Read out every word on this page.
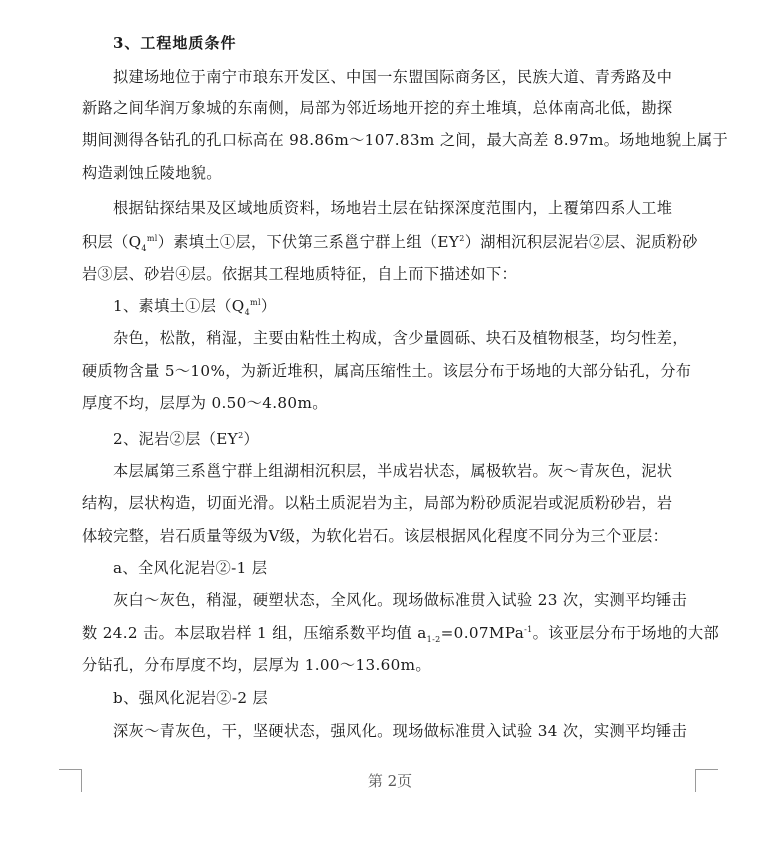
3、工程地质条件
拟建场地位于南宁市琅东开发区、中国一东盟国际商务区，民族大道、青秀路及中
新路之间华润万象城的东南侧，局部为邻近场地开挖的弃土堆填，总体南高北低，勘探
期间测得各钻孔的孔口标高在 98.86m～107.83m 之间，最大高差 8.97m。场地地貌上属于
构造剥蚀丘陵地貌。
根据钻探结果及区域地质资料，场地岩土层在钻探深度范围内，上覆第四系人工堆
积层$(Q_4^{ml})$素填土①层，下伏第三系邕宁群上组$(EY^2)$湖相沉积层泥岩②层、泥质粉砂
岩③层、砂岩④层。依据其工程地质特征，自上而下描述如下：
1、素填土①层$(Q_4^{ml})$
杂色，松散，稍湿，主要由粘性土构成，含少量圆砾、块石及植物根茎，均匀性差，
硬质物含量 5～10%，为新近堆积，属高压缩性土。该层分布于场地的大部分钻孔，分布
厚度不均，层厚为 0.50～4.80m。
2、泥岩②层$(EY^2)$
本层属第三系邕宁群上组湖相沉积层，半成岩状态，属极软岩。灰～青灰色，泥状
结构，层状构造，切面光滑。以粘土质泥岩为主，局部为粉砂质泥岩或泥质粉砂岩，岩
体较完整，岩石质量等级为Ⅴ级，为软化岩石。该层根据风化程度不同分为三个亚层：
a、全风化泥岩②-1 层
灰白～灰色，稍湿，硬塑状态，全风化。现场做标准贯入试验 23 次，实测平均锤击
数 24.2 击。本层取岩样 1 组，压缩系数平均值 $a_{1-2}=0.07MPa^{-1}$。该亚层分布于场地的大部
分钻孔，分布厚度不均，层厚为 1.00～13.60m。
b、强风化泥岩②-2 层
深灰～青灰色，干，坚硬状态，强风化。现场做标准贯入试验 34 次，实测平均锤击
第 2页
